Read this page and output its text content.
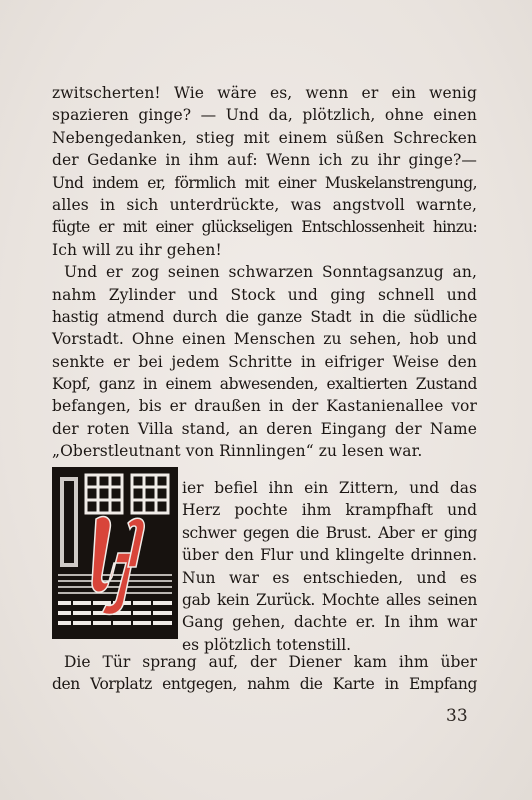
zwitscherten! Wie wäre es, wenn er ein wenig
spazieren ginge? — Und da, plötzlich, ohne einen
Nebengedanken, stieg mit einem süßen Schrecken
der Gedanke in ihm auf: Wenn ich zu ihr ginge?—
Und indem er, förmlich mit einer Muskelanstrengung,
alles in sich unterdrückte, was angstvoll warnte,
fügte er mit einer glückseligen Entschlossenheit hinzu:
Ich will zu ihr gehen!
Und er zog seinen schwarzen Sonntagsanzug an,
nahm Zylinder und Stock und ging schnell und
hastig atmend durch die ganze Stadt in die südliche
Vorstadt. Ohne einen Menschen zu sehen, hob und
senkte er bei jedem Schritte in eifriger Weise den
Kopf, ganz in einem abwesenden, exaltierten Zustand
befangen, bis er draußen in der Kastanienallee vor
der roten Villa stand, an deren Eingang der Name
„Oberstleutnant von Rinnlingen“ zu lesen war.
ier befiel ihn ein Zittern, und das
Herz pochte ihm krampfhaft und
schwer gegen die Brust. Aber er ging
über den Flur und klingelte drinnen.
Nun war es entschieden, und es
gab kein Zurück. Mochte alles seinen
Gang gehen, dachte er. In ihm war
es plötzlich totenstill.
Die Tür sprang auf, der Diener kam ihm über
den Vorplatz entgegen, nahm die Karte in Empfang
33
